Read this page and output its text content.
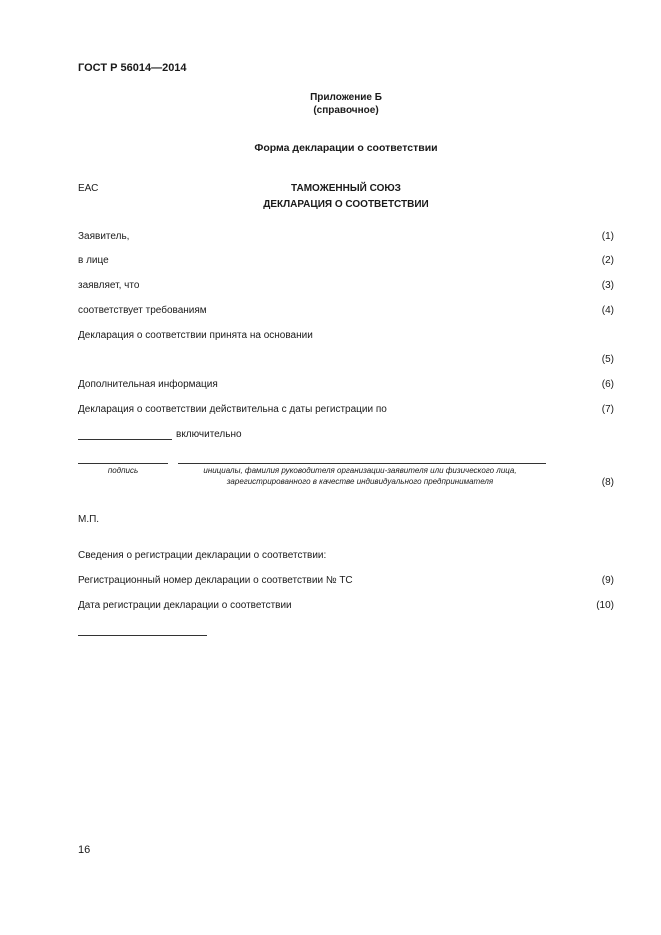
ГОСТ Р 56014—2014
Приложение Б
(справочное)
Форма декларации о соответствии
ЕАС	ТАМОЖЕННЫЙ СОЮЗ
ДЕКЛАРАЦИЯ О СООТВЕТСТВИИ
Заявитель,	(1)
в лице	(2)
заявляет, что	(3)
соответствует требованиям	(4)
Декларация о соответствии принята на основании
(5)
Дополнительная информация	(6)
Декларация о соответствии действительна с даты регистрации по	(7)
включительно
подпись	инициалы, фамилия руководителя организации-заявителя или физического лица,
зарегистрированного в качестве индивидуального предпринимателя	(8)
М.П.
Сведения о регистрации декларации о соответствии:
Регистрационный номер декларации о соответствии № ТС	(9)
Дата регистрации декларации о соответствии	(10)
16
